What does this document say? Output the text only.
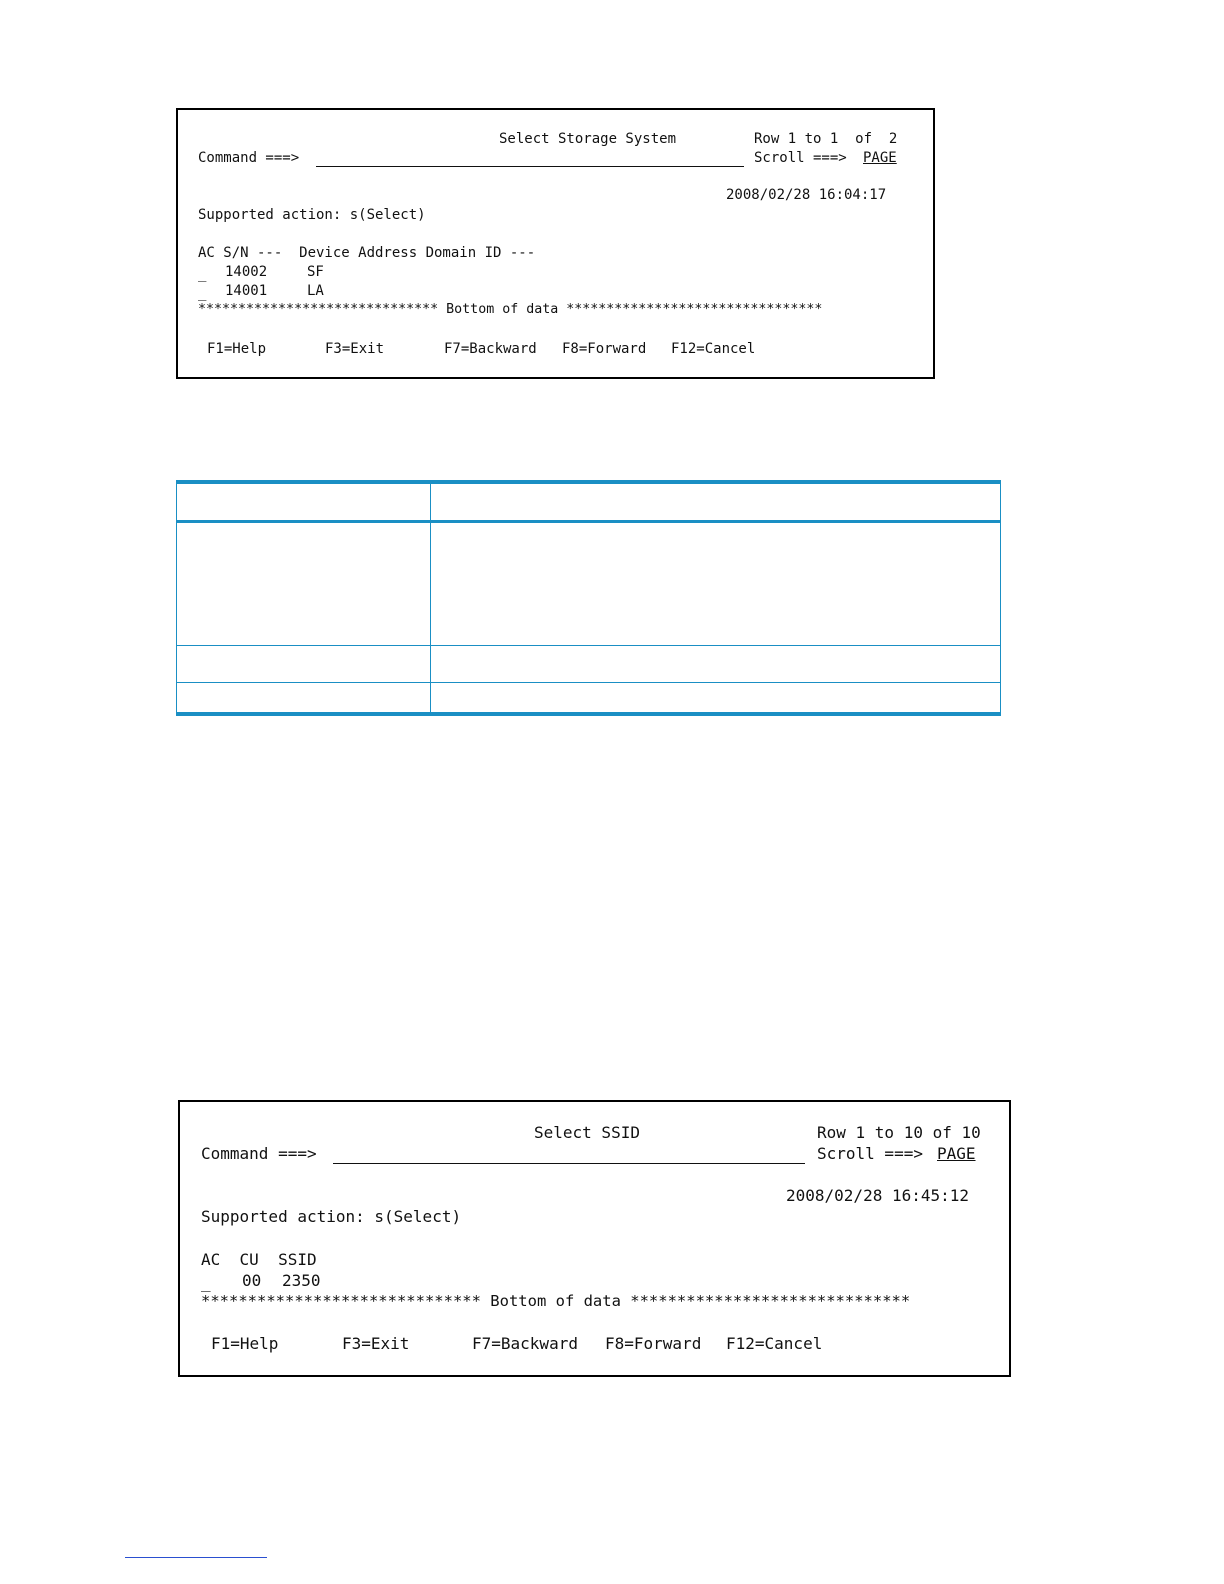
Select Storage System	Row 1 to 1  of  2
Command ===>	Scroll ===> PAGE
2008/02/28 16:04:17
Supported action: s(Select)
AC S/N ---  Device Address Domain ID ---
_ 14002	SF
_ 14001	LA
****************************** Bottom of data ********************************
F1=Help	F3=Exit	F7=Backward F8=Forward F12=Cancel
Select SSID	Row 1 to 10 of 10
Command ===>	Scroll ===> PAGE
2008/02/28 16:45:12
Supported action: s(Select)
AC  CU  SSID
_ 00 2350
****************************** Bottom of data ******************************
F1=Help	F3=Exit	F7=Backward F8=Forward F12=Cancel
